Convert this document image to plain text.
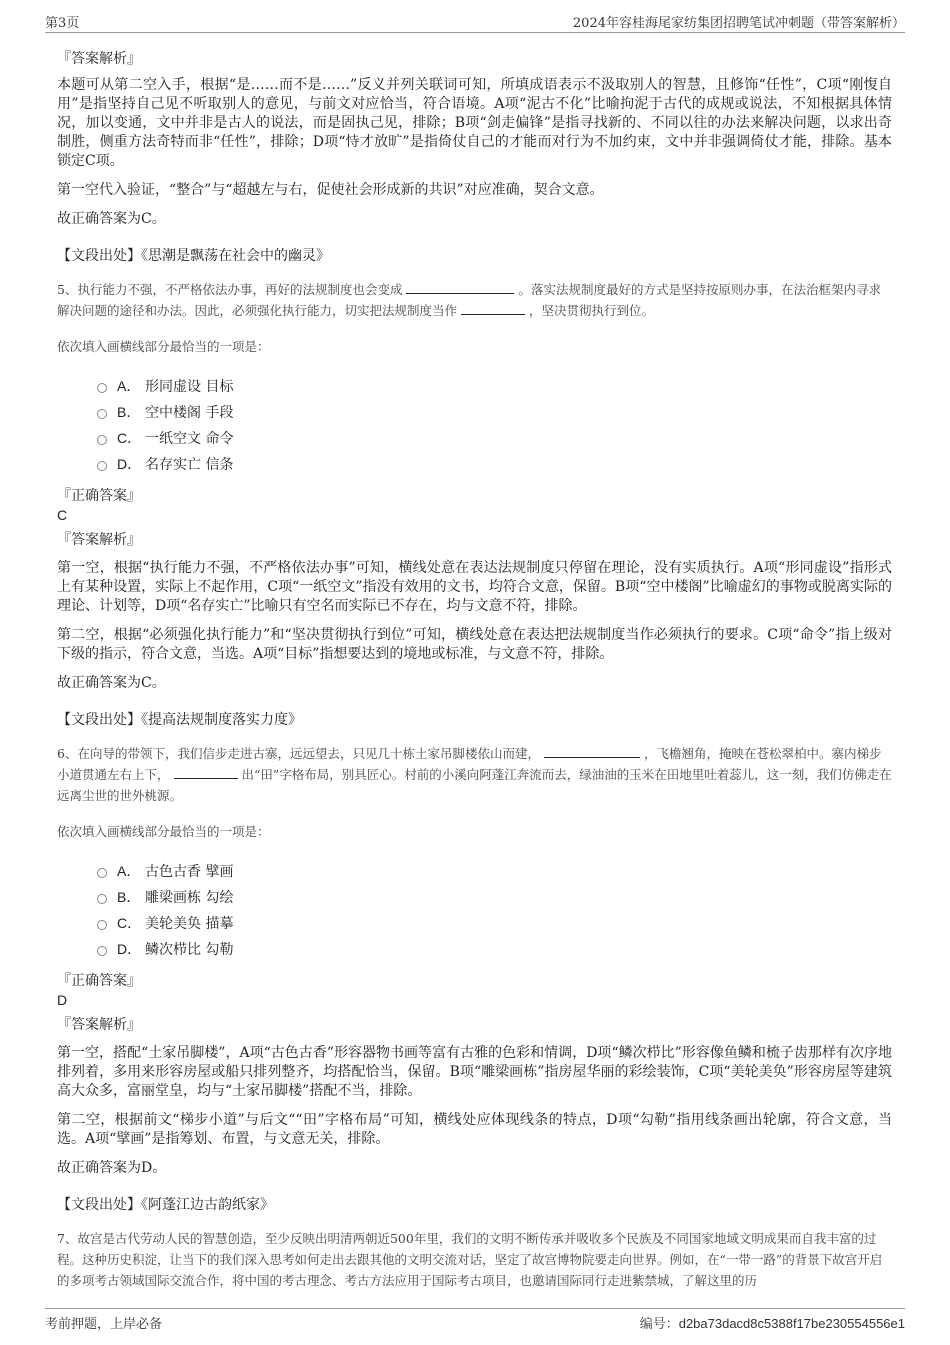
第3页	2024年容桂海尾家纺集团招聘笔试冲刺题（带答案解析）
『答案解析』
本题可从第二空入手，根据“是……而不是……”反义并列关联词可知，所填成语表示不汲取别人的智慧，且修饰“任性”，C项“刚愎自用”是指坚持自己见不听取别人的意见，与前文对应恰当，符合语境。A项“泥古不化”比喻拘泥于古代的成规或说法，不知根据具体情况，加以变通，文中并非是古人的说法，而是固执己见，排除；B项“剑走偏锋”是指寻找新的、不同以往的办法来解决问题，以求出奇制胜，侧重方法奇特而非“任性”，排除；D项“恃才放旷”是指倚仗自己的才能而对行为不加约束，文中并非强调倚仗才能，排除。基本锁定C项。
第一空代入验证，“整合”与“超越左与右，促使社会形成新的共识”对应准确，契合文意。
故正确答案为C。
【文段出处】《思潮是飘荡在社会中的幽灵》
5、执行能力不强，不严格依法办事，再好的法规制度也会变成	。落实法规制度最好的方式是坚持按原则办事，在法治框架内寻求解决问题的途径和办法。因此，必须强化执行能力，切实把法规制度当作	，坚决贯彻执行到位。
依次填入画横线部分最恰当的一项是：
A． 形同虚设 目标
B． 空中楼阁 手段
C． 一纸空文 命令
D． 名存实亡 信条
『正确答案』
C
『答案解析』
第一空，根据“执行能力不强，不严格依法办事”可知，横线处意在表达法规制度只停留在理论，没有实质执行。A项“形同虚设”指形式上有某种设置，实际上不起作用，C项“一纸空文”指没有效用的文书，均符合文意，保留。B项“空中楼阁”比喻虚幻的事物或脱离实际的理论、计划等，D项“名存实亡”比喻只有空名而实际已不存在，均与文意不符，排除。
第二空，根据“必须强化执行能力”和“坚决贯彻执行到位”可知，横线处意在表达把法规制度当作必须执行的要求。C项“命令”指上级对下级的指示，符合文意，当选。A项“目标”指想要达到的境地或标准，与文意不符，排除。
故正确答案为C。
【文段出处】《提高法规制度落实力度》
6、在向导的带领下，我们信步走进古寨，远远望去，只见几十栋土家吊脚楼依山而建，	，飞檐翘角，掩映在苍松翠柏中。寨内梯步小道贯通左右上下，	出“田”字格布局，别具匠心。村前的小溪向阿蓬江奔流而去，绿油油的玉米在田地里吐着蕊儿，这一刻，我们仿佛走在远离尘世的世外桃源。
依次填入画横线部分最恰当的一项是：
A． 古色古香 擘画
B． 雕梁画栋 勾绘
C． 美轮美奂 描摹
D． 鳞次栉比 勾勒
『正确答案』
D
『答案解析』
第一空，搭配“土家吊脚楼”，A项“古色古香”形容器物书画等富有古雅的色彩和情调，D项“鳞次栉比”形容像鱼鳞和梳子齿那样有次序地排列着，多用来形容房屋或船只排列整齐，均搭配恰当，保留。B项“雕梁画栋”指房屋华丽的彩绘装饰，C项“美轮美奂”形容房屋等建筑高大众多，富丽堂皇，均与“土家吊脚楼”搭配不当，排除。
第二空，根据前文“梯步小道”与后文““田”字格布局”可知，横线处应体现线条的特点，D项“勾勒”指用线条画出轮廓，符合文意，当选。A项“擘画”是指筹划、布置，与文意无关，排除。
故正确答案为D。
【文段出处】《阿蓬江边古韵纸家》
7、故宫是古代劳动人民的智慧创造，至少反映出明清两朝近500年里，我们的文明不断传承并吸收多个民族及不同国家地域文明成果而自我丰富的过程。这种历史积淀，让当下的我们深入思考如何走出去跟其他的文明交流对话，坚定了故宫博物院要走向世界。例如，在“一带一路”的背景下故宫开启的多项考古领域国际交流合作，将中国的考古理念、考古方法应用于国际考古项目，也邀请国际同行走进紫禁城，了解这里的历
考前押题，上岸必备	编号：d2ba73dacd8c5388f17be230554556e1
